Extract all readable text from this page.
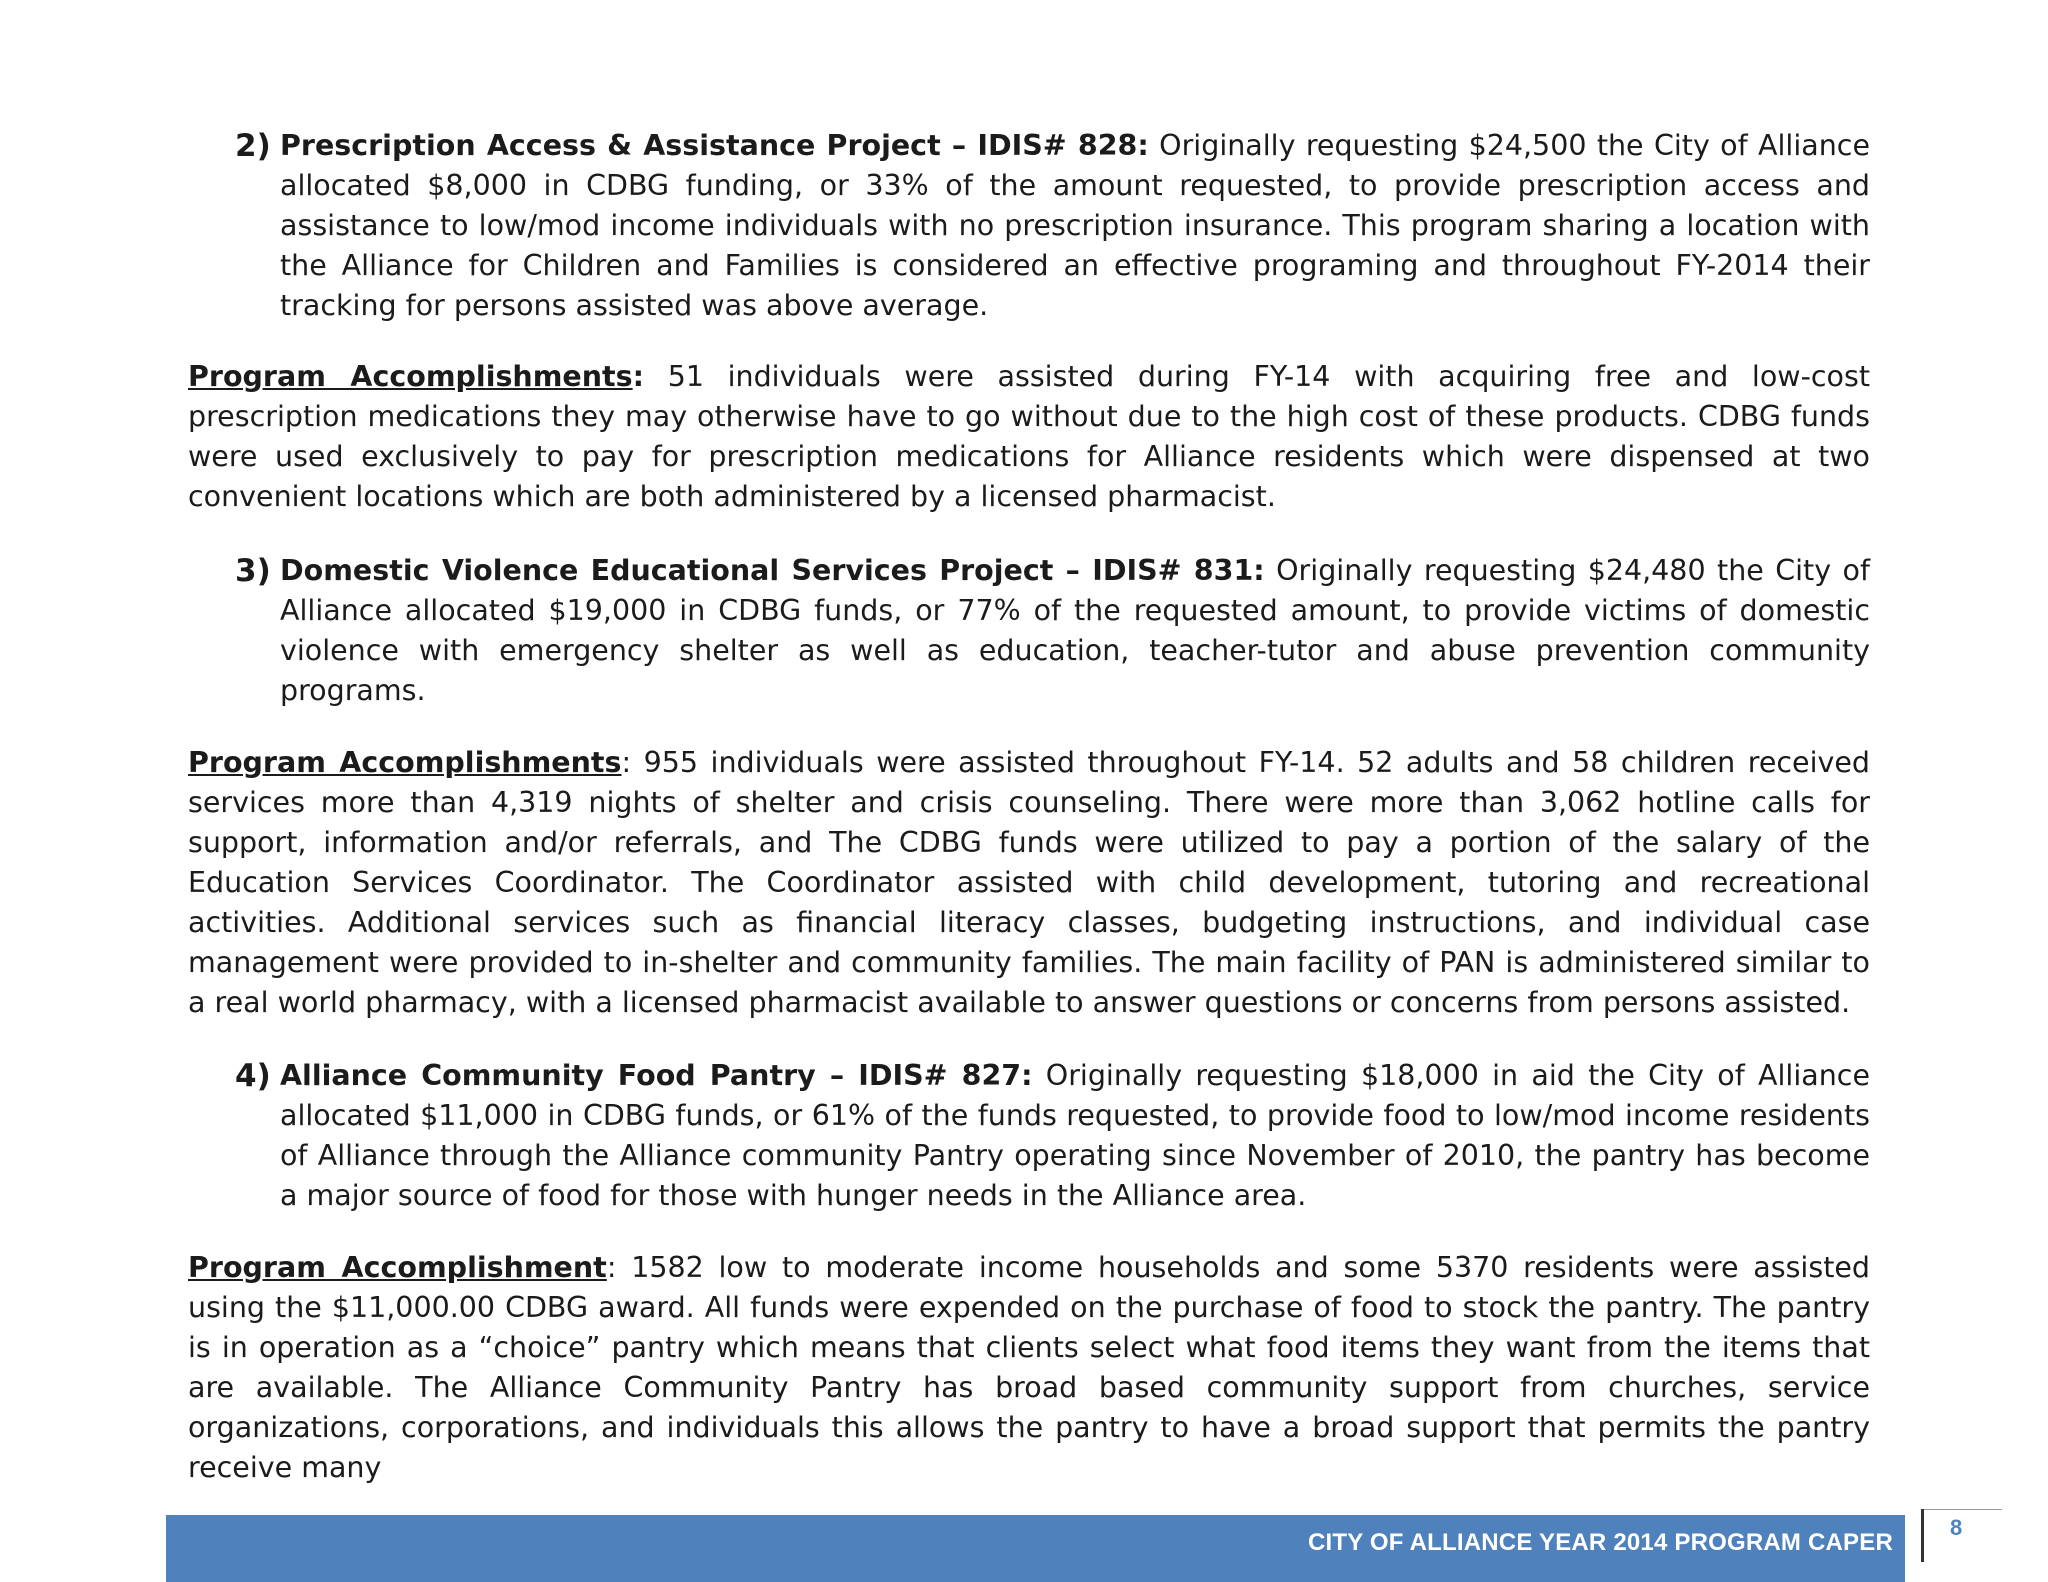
2) Prescription Access & Assistance Project – IDIS# 828: Originally requesting $24,500 the City of Alliance allocated $8,000 in CDBG funding, or 33% of the amount requested, to provide prescription access and assistance to low/mod income individuals with no prescription insurance. This program sharing a location with the Alliance for Children and Families is considered an effective programing and throughout FY-2014 their tracking for persons assisted was above average.
Program Accomplishments: 51 individuals were assisted during FY-14 with acquiring free and low-cost prescription medications they may otherwise have to go without due to the high cost of these products. CDBG funds were used exclusively to pay for prescription medications for Alliance residents which were dispensed at two convenient locations which are both administered by a licensed pharmacist.
3) Domestic Violence Educational Services Project – IDIS# 831: Originally requesting $24,480 the City of Alliance allocated $19,000 in CDBG funds, or 77% of the requested amount, to provide victims of domestic violence with emergency shelter as well as education, teacher-tutor and abuse prevention community programs.
Program Accomplishments: 955 individuals were assisted throughout FY-14. 52 adults and 58 children received services more than 4,319 nights of shelter and crisis counseling. There were more than 3,062 hotline calls for support, information and/or referrals, and The CDBG funds were utilized to pay a portion of the salary of the Education Services Coordinator. The Coordinator assisted with child development, tutoring and recreational activities. Additional services such as financial literacy classes, budgeting instructions, and individual case management were provided to in-shelter and community families. The main facility of PAN is administered similar to a real world pharmacy, with a licensed pharmacist available to answer questions or concerns from persons assisted.
4) Alliance Community Food Pantry – IDIS# 827: Originally requesting $18,000 in aid the City of Alliance allocated $11,000 in CDBG funds, or 61% of the funds requested, to provide food to low/mod income residents of Alliance through the Alliance community Pantry operating since November of 2010, the pantry has become a major source of food for those with hunger needs in the Alliance area.
Program Accomplishment: 1582 low to moderate income households and some 5370 residents were assisted using the $11,000.00 CDBG award. All funds were expended on the purchase of food to stock the pantry. The pantry is in operation as a “choice” pantry which means that clients select what food items they want from the items that are available. The Alliance Community Pantry has broad based community support from churches, service organizations, corporations, and individuals this allows the pantry to have a broad support that permits the pantry receive many
CITY OF ALLIANCE YEAR 2014 PROGRAM CAPER
8
